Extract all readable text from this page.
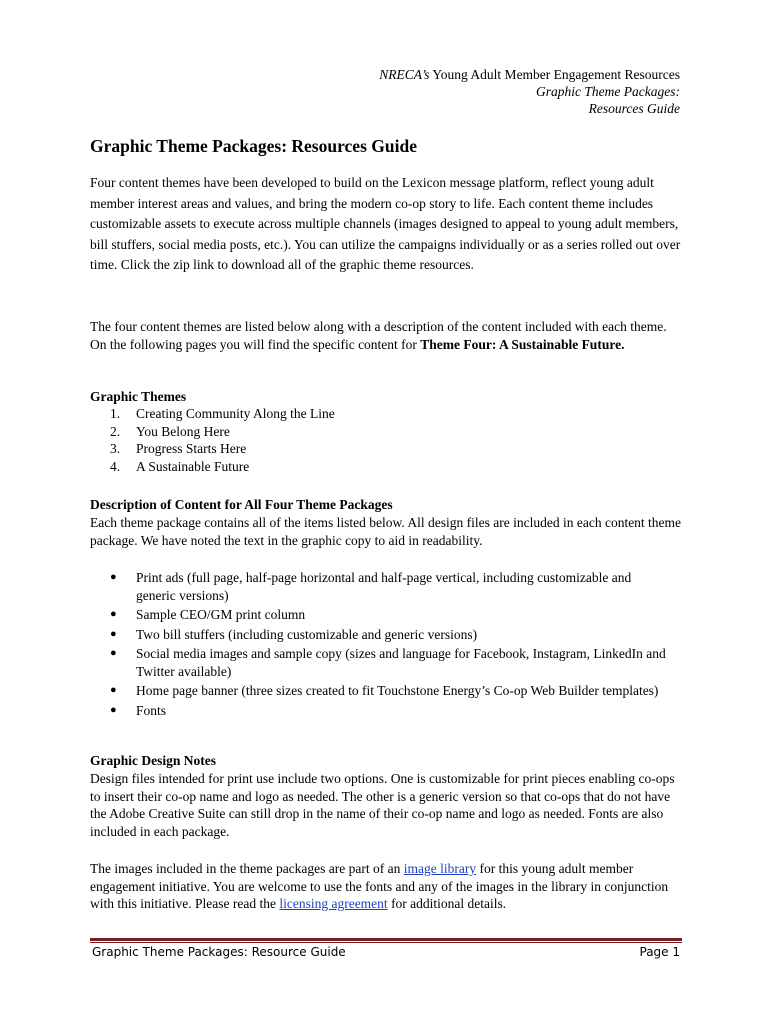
NRECA’s Young Adult Member Engagement Resources
Graphic Theme Packages:
Resources Guide
Graphic Theme Packages: Resources Guide

Four content themes have been developed to build on the Lexicon message platform, reflect young adult member interest areas and values, and bring the modern co-op story to life. Each content theme includes customizable assets to execute across multiple channels (images designed to appeal to young adult members, bill stuffers, social media posts, etc.). You can utilize the campaigns individually or as a series rolled out over time. Click the zip link to download all of the graphic theme resources.

The four content themes are listed below along with a description of the content included with each theme. On the following pages you will find the specific content for Theme Four: A Sustainable Future.

Graphic Themes
1.	Creating Community Along the Line
2.	You Belong Here
3.	Progress Starts Here
4.	A Sustainable Future
Description of Content for All Four Theme Packages

Each theme package contains all of the items listed below. All design files are included in each content theme package. We have noted the text in the graphic copy to aid in readability.

●	Print ads (full page, half-page horizontal and half-page vertical, including customizable and generic versions)
●	Sample CEO/GM print column
●	Two bill stuffers (including customizable and generic versions)
●	Social media images and sample copy (sizes and language for Facebook, Instagram, LinkedIn and Twitter available)
●	Home page banner (three sizes created to fit Touchstone Energy’s Co-op Web Builder templates)
●	Fonts
Graphic Design Notes

Design files intended for print use include two options. One is customizable for print pieces enabling co-ops to insert their co-op name and logo as needed. The other is a generic version so that co-ops that do not have the Adobe Creative Suite can still drop in the name of their co-op name and logo as needed. Fonts are also included in each package.

The images included in the theme packages are part of an image library for this young adult member engagement initiative. You are welcome to use the fonts and any of the images in the library in conjunction with this initiative. Please read the licensing agreement for additional details.

Graphic Theme Packages: Resource Guide	Page 1
